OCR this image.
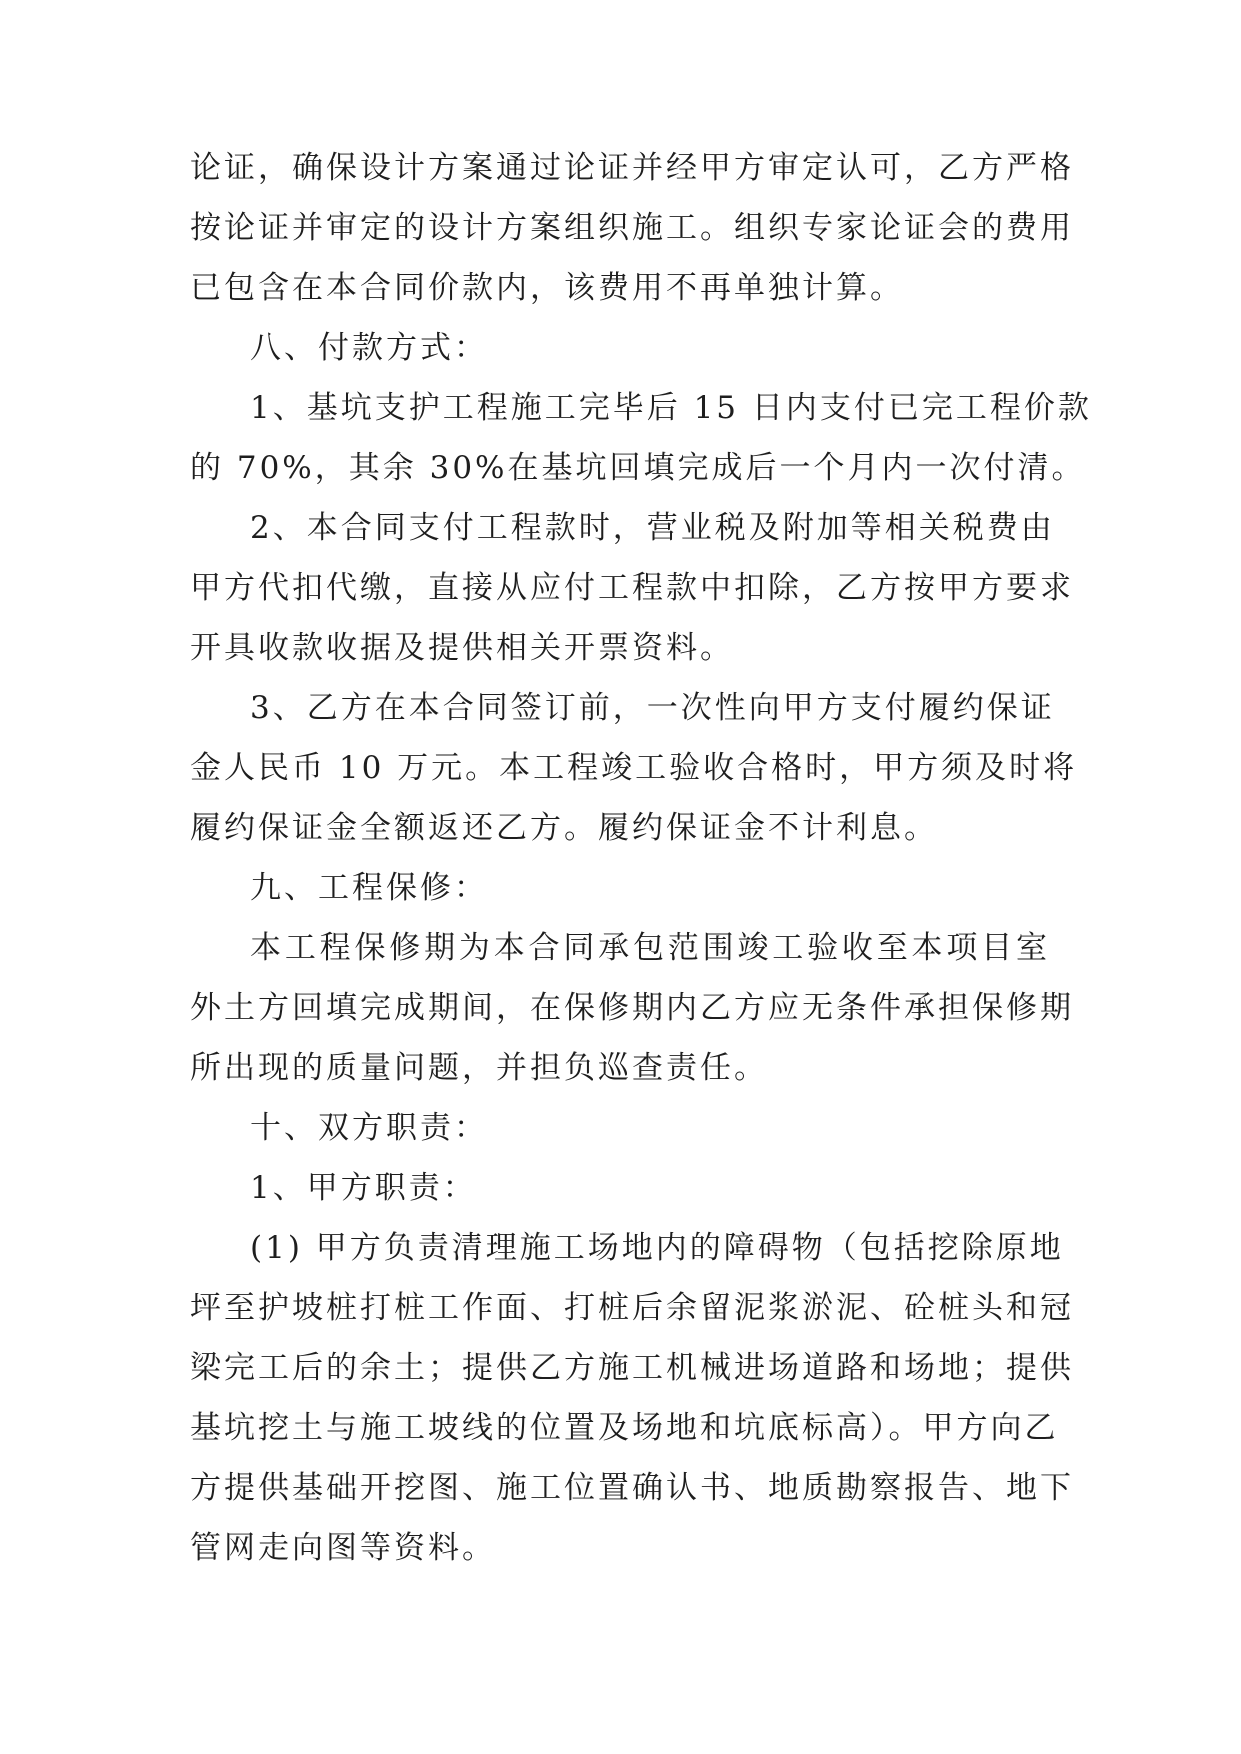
论证，确保设计方案通过论证并经甲方审定认可，乙方严格
按论证并审定的设计方案组织施工。组织专家论证会的费用
已包含在本合同价款内，该费用不再单独计算。
八、付款方式：
1、基坑支护工程施工完毕后 15 日内支付已完工程价款
的 70%，其余 30%在基坑回填完成后一个月内一次付清。
2、本合同支付工程款时，营业税及附加等相关税费由
甲方代扣代缴，直接从应付工程款中扣除，乙方按甲方要求
开具收款收据及提供相关开票资料。
3、乙方在本合同签订前，一次性向甲方支付履约保证
金人民币 10 万元。本工程竣工验收合格时，甲方须及时将
履约保证金全额返还乙方。履约保证金不计利息。
九、工程保修：
本工程保修期为本合同承包范围竣工验收至本项目室
外土方回填完成期间，在保修期内乙方应无条件承担保修期
所出现的质量问题，并担负巡查责任。
十、双方职责：
1、甲方职责：
(1) 甲方负责清理施工场地内的障碍物（包括挖除原地
坪至护坡桩打桩工作面、打桩后余留泥浆淤泥、砼桩头和冠
梁完工后的余土；提供乙方施工机械进场道路和场地；提供
基坑挖土与施工坡线的位置及场地和坑底标高）。甲方向乙
方提供基础开挖图、施工位置确认书、地质勘察报告、地下
管网走向图等资料。
